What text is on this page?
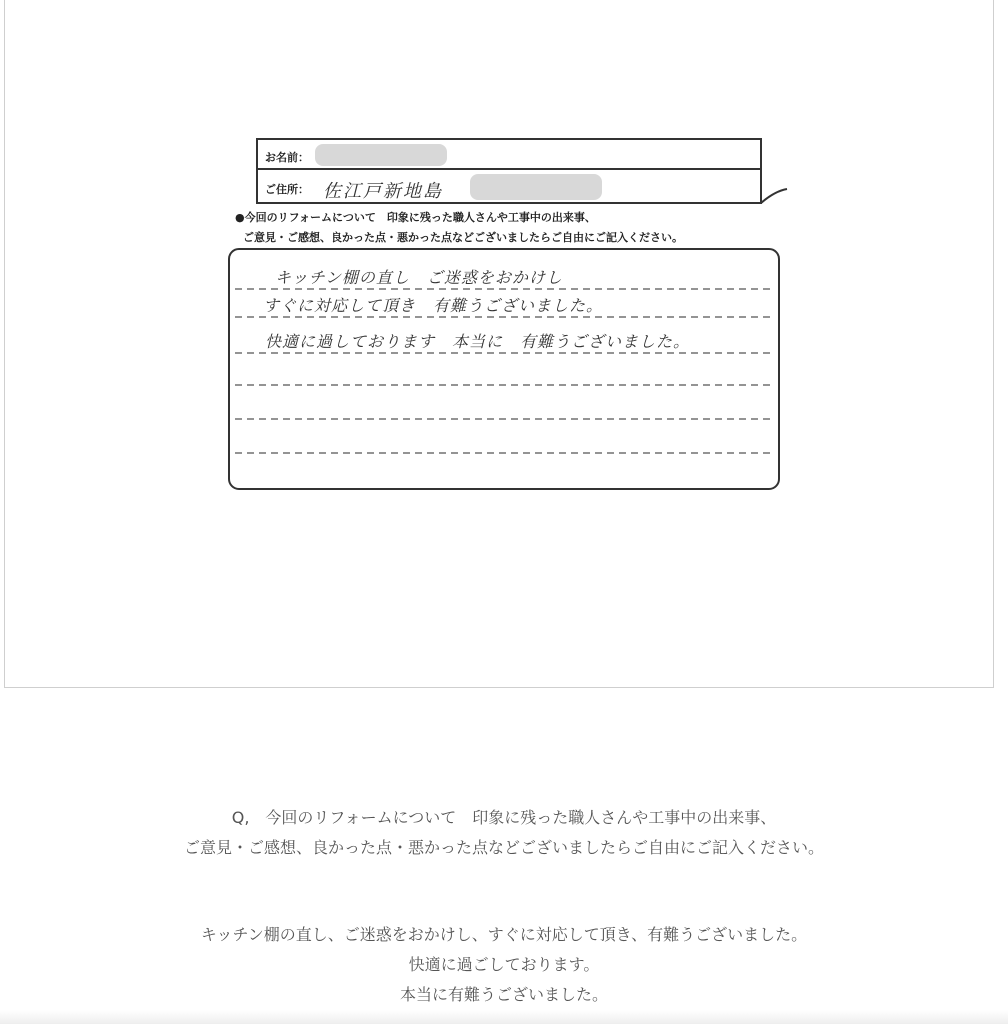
お名前：
ご住所： 佐江戸新地島
●今回のリフォームについて　印象に残った職人さんや工事中の出来事、
ご意見・ご感想、良かった点・悪かった点などございましたらご自由にご記入ください。
キッチン棚の直し　ご迷惑をおかけし
すぐに対応して頂き　有難うございました。
快適に過しております　本当に　有難うございました。
Q,　今回のリフォームについて　印象に残った職人さんや工事中の出来事、
ご意見・ご感想、良かった点・悪かった点などございましたらご自由にご記入ください。
キッチン棚の直し、ご迷惑をおかけし、すぐに対応して頂き、有難うございました。
快適に過ごしております。
本当に有難うございました。
